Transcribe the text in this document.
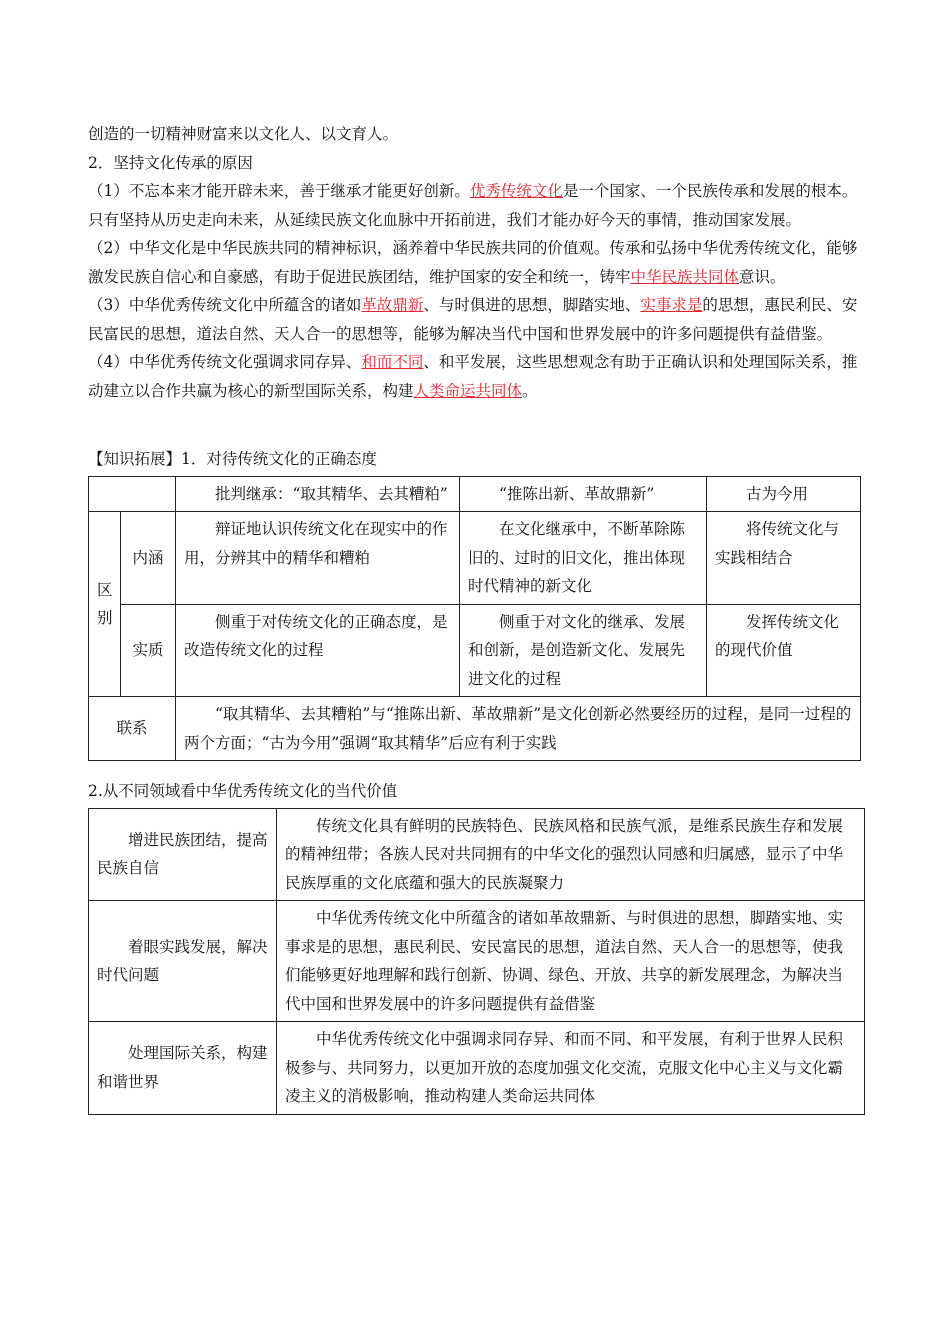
创造的一切精神财富来以文化人、以文育人。

2．坚持文化传承的原因

（1）不忘本来才能开辟未来，善于继承才能更好创新。优秀传统文化是一个国家、一个民族传承和发展的根本。只有坚持从历史走向未来，从延续民族文化血脉中开拓前进，我们才能办好今天的事情，推动国家发展。

（2）中华文化是中华民族共同的精神标识，涵养着中华民族共同的价值观。传承和弘扬中华优秀传统文化，能够激发民族自信心和自豪感，有助于促进民族团结，维护国家的安全和统一，铸牢中华民族共同体意识。

（3）中华优秀传统文化中所蕴含的诸如革故鼎新、与时俱进的思想，脚踏实地、实事求是的思想，惠民利民、安民富民的思想，道法自然、天人合一的思想等，能够为解决当代中国和世界发展中的许多问题提供有益借鉴。

（4）中华优秀传统文化强调求同存异、和而不同、和平发展，这些思想观念有助于正确认识和处理国际关系，推动建立以合作共赢为核心的新型国际关系，构建人类命运共同体。

【知识拓展】1．对待传统文化的正确态度

		批判继承：“取其精华、去其糟粕”	“推陈出新、革故鼎新”	古为今用

区别	内涵	辩证地认识传统文化在现实中的作用，分辨其中的精华和糟粕	在文化继承中，不断革除陈旧的、过时的旧文化，推出体现时代精神的新文化	将传统文化与实践相结合
	实质	侧重于对传统文化的正确态度，是改造传统文化的过程	侧重于对文化的继承、发展和创新，是创造新文化、发展先进文化的过程	发挥传统文化的现代价值
联系		“取其精华、去其糟粕”与“推陈出新、革故鼎新”是文化创新必然要经历的过程，是同一过程的两个方面；“古为今用”强调“取其精华”后应有利于实践		

2.从不同领域看中华优秀传统文化的当代价值

增进民族团结，提高民族自信	传统文化具有鲜明的民族特色、民族风格和民族气派，是维系民族生存和发展的精神纽带；各族人民对共同拥有的中华文化的强烈认同感和归属感，显示了中华民族厚重的文化底蕴和强大的民族凝聚力
着眼实践发展，解决时代问题	中华优秀传统文化中所蕴含的诸如革故鼎新、与时俱进的思想，脚踏实地、实事求是的思想，惠民利民、安民富民的思想，道法自然、天人合一的思想等，使我们能够更好地理解和践行创新、协调、绿色、开放、共享的新发展理念，为解决当代中国和世界发展中的许多问题提供有益借鉴
处理国际关系，构建和谐世界	中华优秀传统文化中强调求同存异、和而不同、和平发展，有利于世界人民积极参与、共同努力，以更加开放的态度加强文化交流，克服文化中心主义与文化霸凌主义的消极影响，推动构建人类命运共同体
